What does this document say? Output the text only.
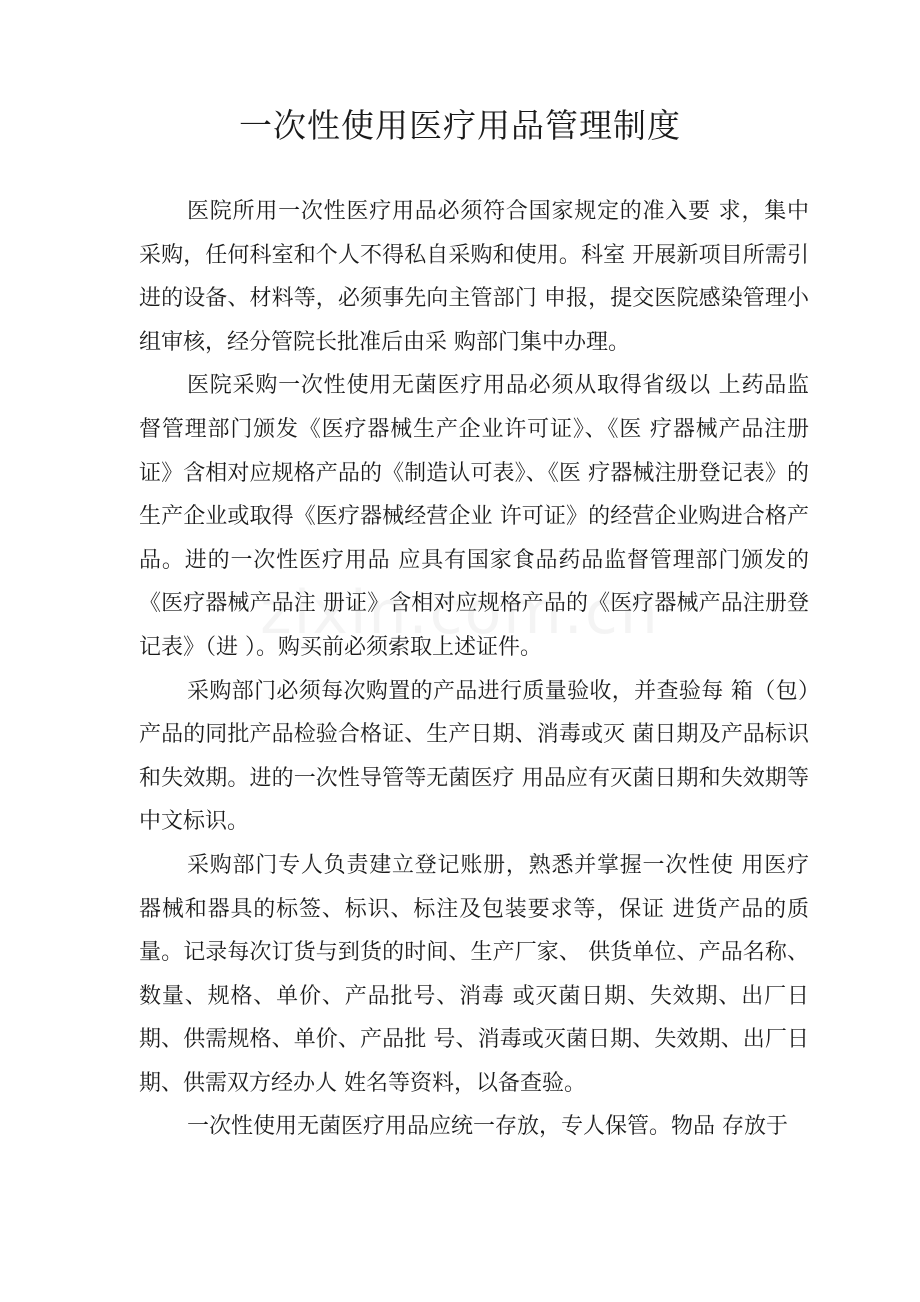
一次性使用医疗用品管理制度

医院所用一次性医疗用品必须符合国家规定的准入要 求，集中采购，任何科室和个人不得私自采购和使用。科室 开展新项目所需引进的设备、材料等，必须事先向主管部门 申报，提交医院感染管理小组审核，经分管院长批准后由采 购部门集中办理。

医院采购一次性使用无菌医疗用品必须从取得省级以 上药品监督管理部门颁发《医疗器械生产企业许可证》、《医 疗器械产品注册证》含相对应规格产品的《制造认可表》、《医 疗器械注册登记表》的生产企业或取得《医疗器械经营企业 许可证》的经营企业购进合格产品。进的一次性医疗用品 应具有国家食品药品监督管理部门颁发的《医疗器械产品注 册证》含相对应规格产品的《医疗器械产品注册登记表》（进 ）。购买前必须索取上述证件。

采购部门必须每次购置的产品进行质量验收，并查验每 箱（包）产品的同批产品检验合格证、生产日期、消毒或灭 菌日期及产品标识和失效期。进的一次性导管等无菌医疗 用品应有灭菌日期和失效期等中文标识。

采购部门专人负责建立登记账册，熟悉并掌握一次性使 用医疗器械和器具的标签、标识、标注及包装要求等，保证 进货产品的质量。记录每次订货与到货的时间、生产厂家、 供货单位、产品名称、数量、规格、单价、产品批号、消毒 或灭菌日期、失效期、出厂日期、供需规格、单价、产品批 号、消毒或灭菌日期、失效期、出厂日期、供需双方经办人 姓名等资料，以备查验。

一次性使用无菌医疗用品应统一存放，专人保管。物品 存放于
